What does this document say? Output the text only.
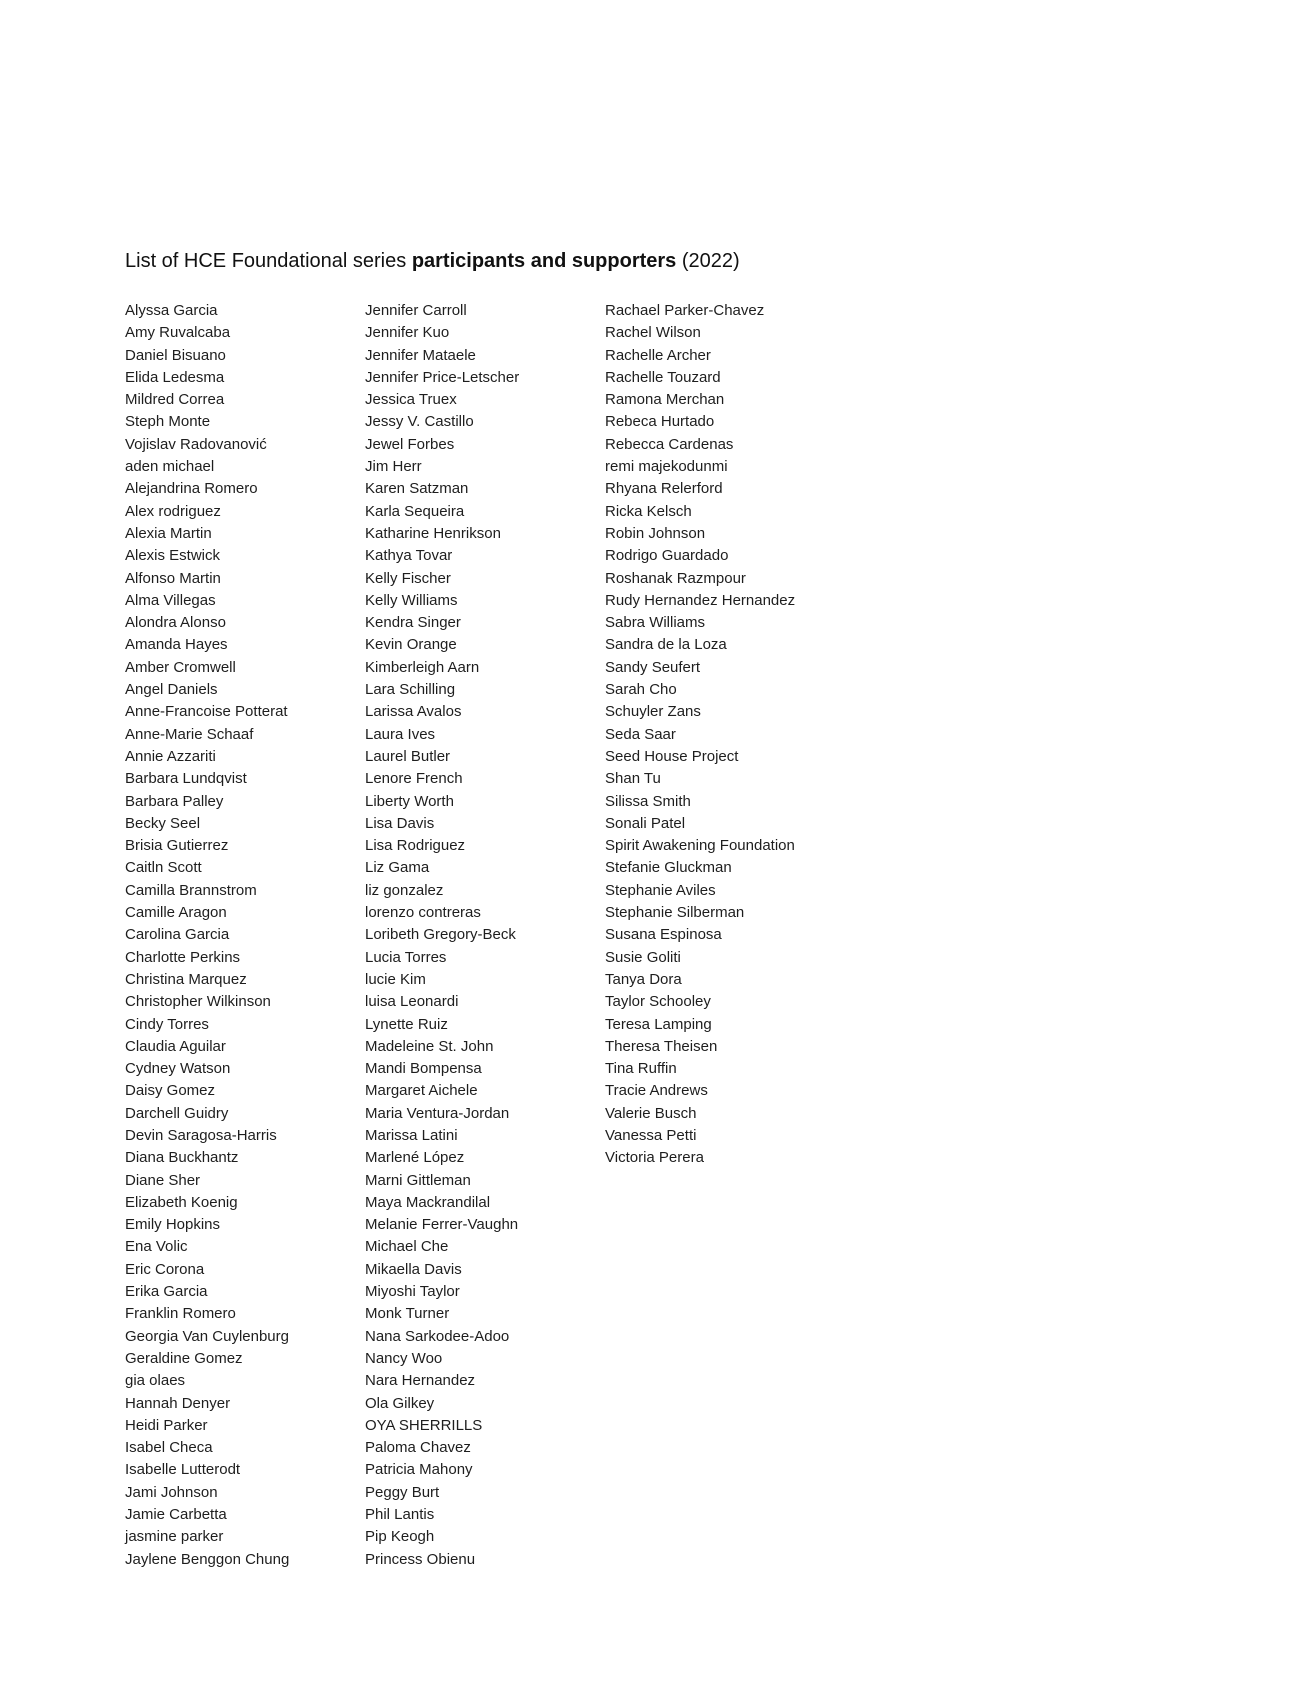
List of HCE Foundational series participants and supporters (2022)
Alyssa Garcia
Amy Ruvalcaba
Daniel Bisuano
Elida Ledesma
Mildred Correa
Steph Monte
Vojislav Radovanović
aden michael
Alejandrina Romero
Alex rodriguez
Alexia Martin
Alexis Estwick
Alfonso Martin
Alma Villegas
Alondra Alonso
Amanda Hayes
Amber Cromwell
Angel Daniels
Anne-Francoise Potterat
Anne-Marie Schaaf
Annie Azzariti
Barbara Lundqvist
Barbara Palley
Becky Seel
Brisia Gutierrez
Caitln Scott
Camilla Brannstrom
Camille Aragon
Carolina Garcia
Charlotte Perkins
Christina Marquez
Christopher Wilkinson
Cindy Torres
Claudia Aguilar
Cydney Watson
Daisy Gomez
Darchell Guidry
Devin Saragosa-Harris
Diana Buckhantz
Diane Sher
Elizabeth Koenig
Emily Hopkins
Ena Volic
Eric Corona
Erika Garcia
Franklin Romero
Georgia Van Cuylenburg
Geraldine Gomez
gia olaes
Hannah Denyer
Heidi Parker
Isabel Checa
Isabelle Lutterodt
Jami Johnson
Jamie Carbetta
jasmine parker
Jaylene Benggon Chung
Jennifer Carroll
Jennifer Kuo
Jennifer Mataele
Jennifer Price-Letscher
Jessica Truex
Jessy V. Castillo
Jewel Forbes
Jim Herr
Karen Satzman
Karla Sequeira
Katharine Henrikson
Kathya Tovar
Kelly Fischer
Kelly Williams
Kendra Singer
Kevin Orange
Kimberleigh Aarn
Lara Schilling
Larissa Avalos
Laura Ives
Laurel Butler
Lenore French
Liberty Worth
Lisa Davis
Lisa Rodriguez
Liz Gama
liz gonzalez
lorenzo contreras
Loribeth Gregory-Beck
Lucia Torres
lucie Kim
luisa Leonardi
Lynette Ruiz
Madeleine St. John
Mandi Bompensa
Margaret Aichele
Maria Ventura-Jordan
Marissa Latini
Marlené López
Marni Gittleman
Maya Mackrandilal
Melanie Ferrer-Vaughn
Michael Che
Mikaella Davis
Miyoshi Taylor
Monk Turner
Nana Sarkodee-Adoo
Nancy Woo
Nara Hernandez
Ola Gilkey
OYA SHERRILLS
Paloma Chavez
Patricia Mahony
Peggy Burt
Phil Lantis
Pip Keogh
Princess Obienu
Rachael Parker-Chavez
Rachel Wilson
Rachelle Archer
Rachelle Touzard
Ramona Merchan
Rebeca Hurtado
Rebecca Cardenas
remi majekodunmi
Rhyana Relerford
Ricka Kelsch
Robin Johnson
Rodrigo Guardado
Roshanak Razmpour
Rudy Hernandez Hernandez
Sabra Williams
Sandra de la Loza
Sandy Seufert
Sarah Cho
Schuyler Zans
Seda Saar
Seed House Project
Shan Tu
Silissa Smith
Sonali Patel
Spirit Awakening Foundation
Stefanie Gluckman
Stephanie Aviles
Stephanie Silberman
Susana Espinosa
Susie Goliti
Tanya Dora
Taylor Schooley
Teresa Lamping
Theresa Theisen
Tina Ruffin
Tracie Andrews
Valerie Busch
Vanessa Petti
Victoria Perera
